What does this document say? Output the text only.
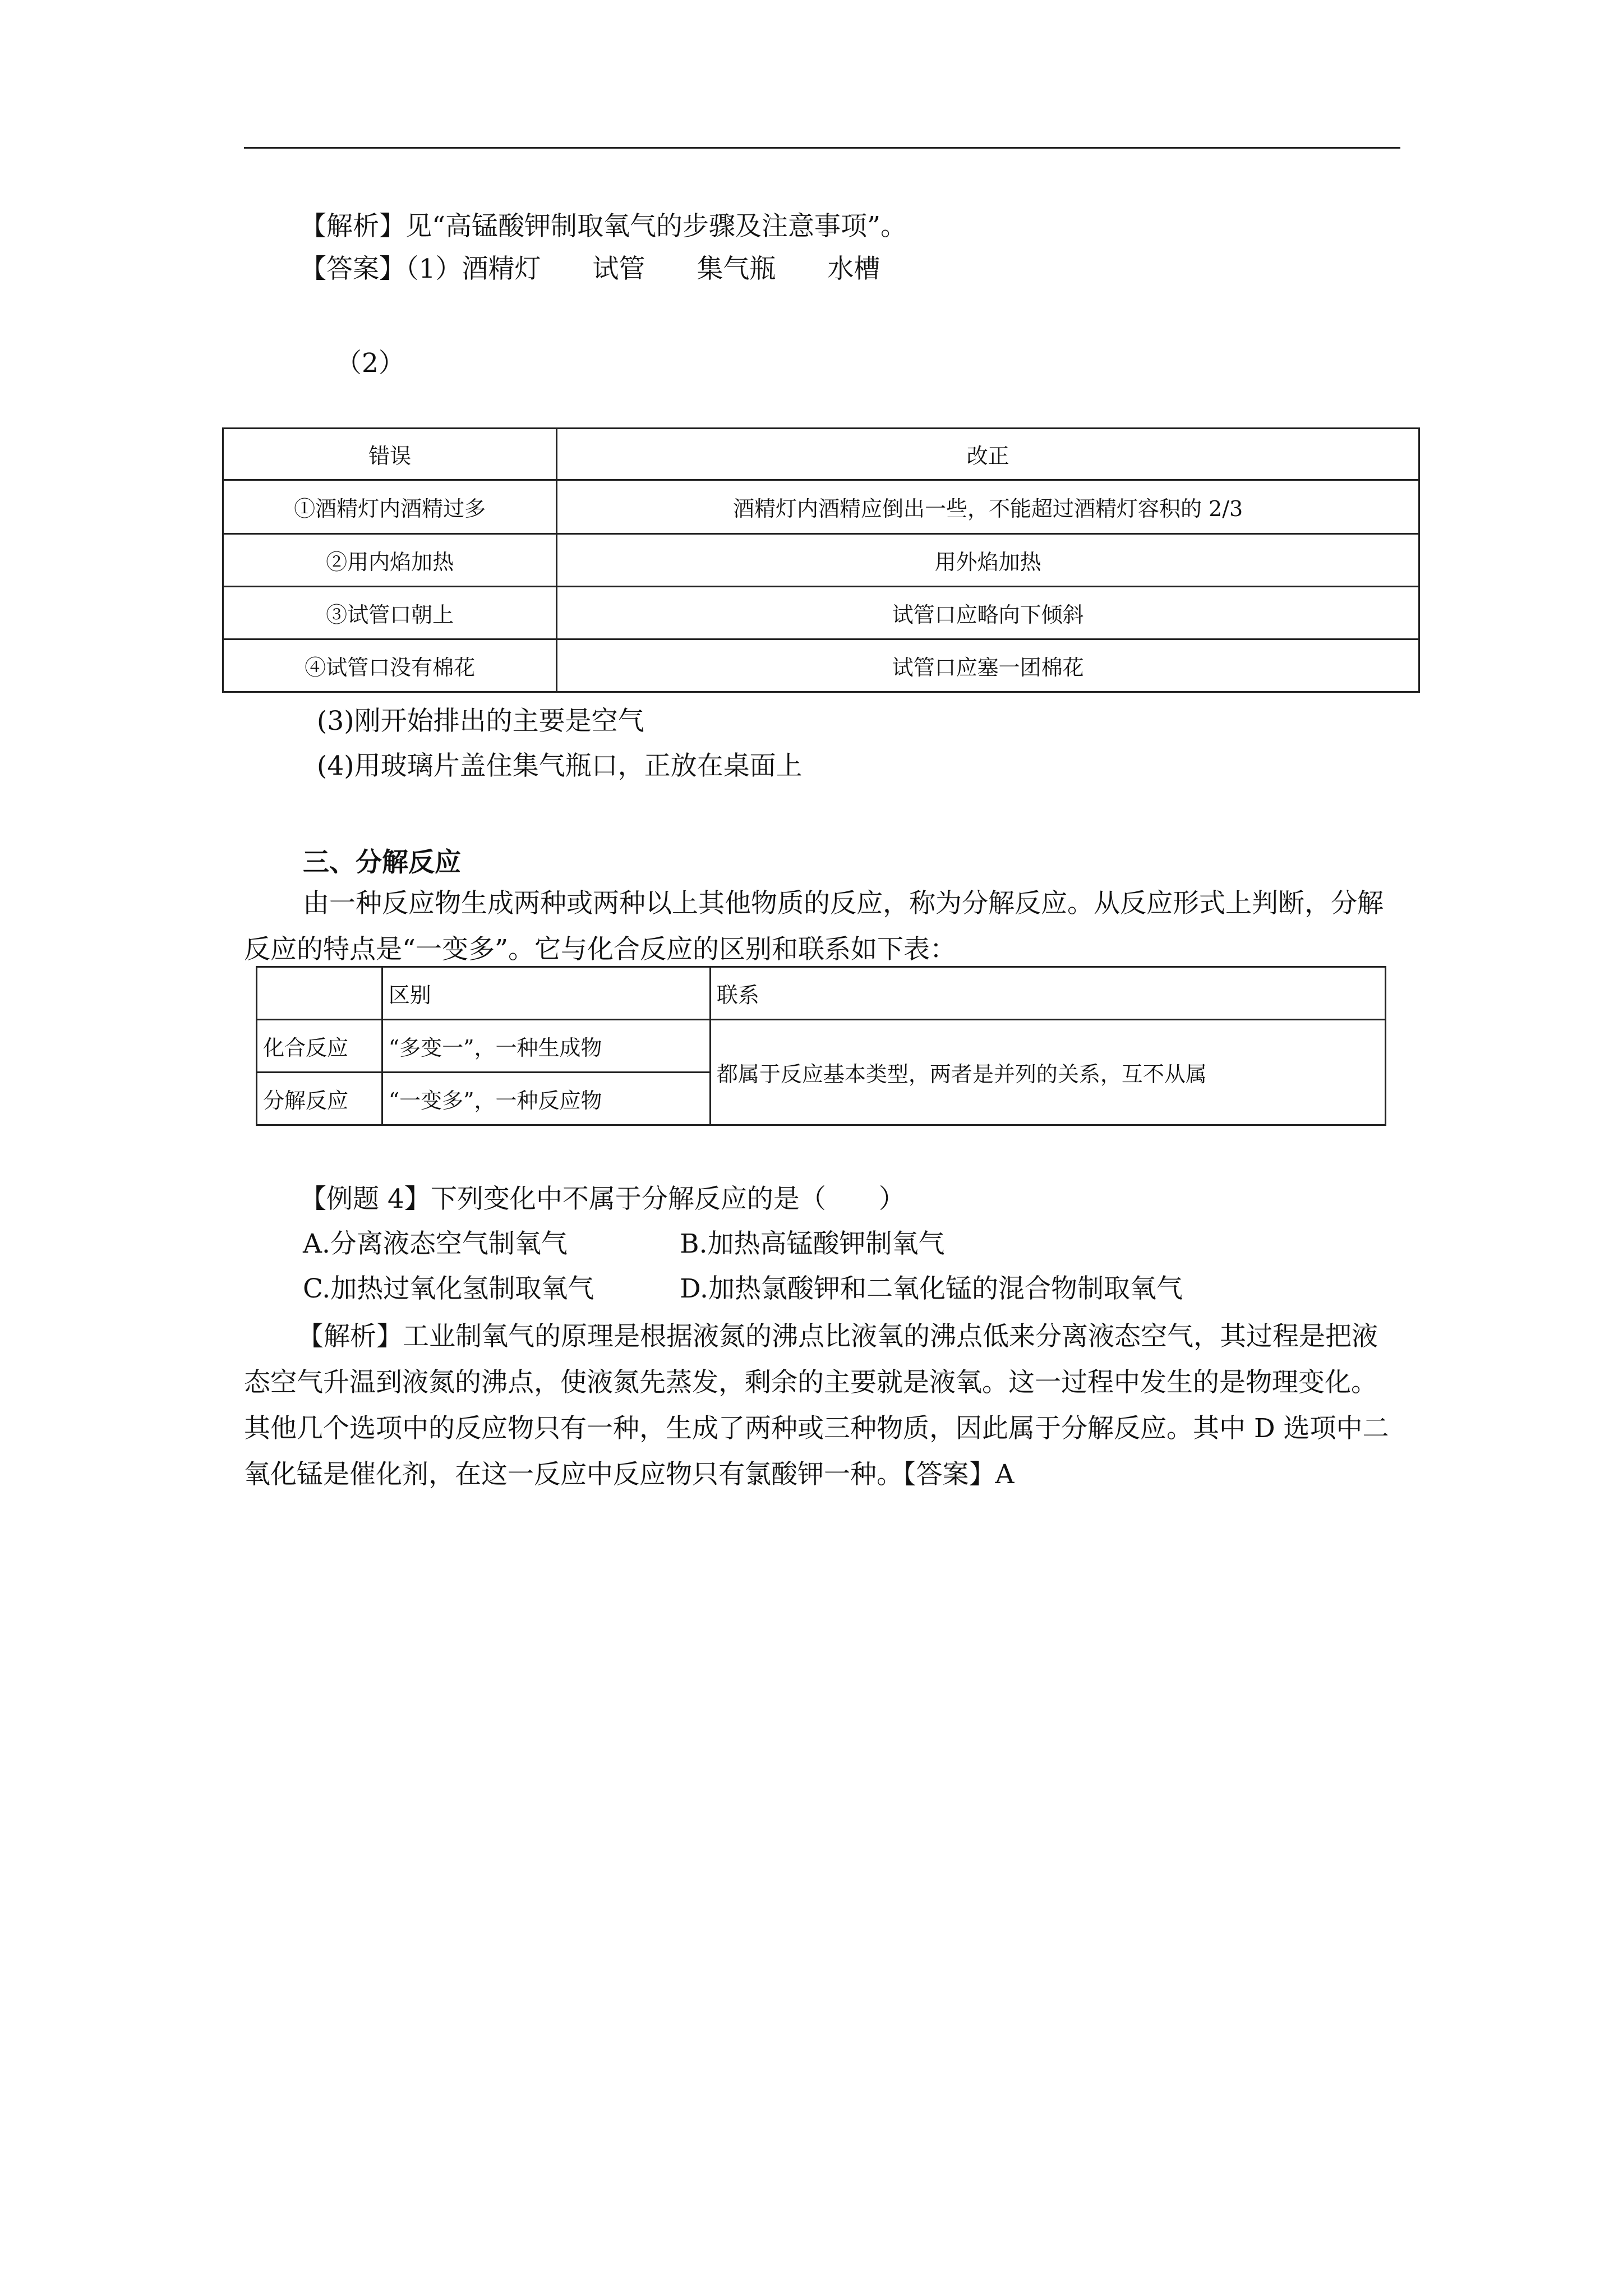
【解析】见“高锰酸钾制取氧气的步骤及注意事项”。
【答案】（1）酒精灯 试管 集气瓶 水槽
（2）
错误	改正
①酒精灯内酒精过多	酒精灯内酒精应倒出一些，不能超过酒精灯容积的 2/3
②用内焰加热	用外焰加热
③试管口朝上	试管口应略向下倾斜
④试管口没有棉花	试管口应塞一团棉花
(3)刚开始排出的主要是空气
(4)用玻璃片盖住集气瓶口，正放在桌面上
三、分解反应
由一种反应物生成两种或两种以上其他物质的反应，称为分解反应。从反应形式上判断，分解反应的特点是“一变多”。它与化合反应的区别和联系如下表：
	区别	联系
化合反应	“多变一”，一种生成物	都属于反应基本类型，两者是并列的关系，互不从属
分解反应	“一变多”，一种反应物	
【例题 4】下列变化中不属于分解反应的是（　　）
A.分离液态空气制氧气	B.加热高锰酸钾制氧气
C.加热过氧化氢制取氧气	D.加热氯酸钾和二氧化锰的混合物制取氧气
【解析】工业制氧气的原理是根据液氮的沸点比液氧的沸点低来分离液态空气，其过程是把液态空气升温到液氮的沸点，使液氮先蒸发，剩余的主要就是液氧。这一过程中发生的是物理变化。其他几个选项中的反应物只有一种，生成了两种或三种物质，因此属于分解反应。其中 D 选项中二氧化锰是催化剂，在这一反应中反应物只有氯酸钾一种。【答案】A
